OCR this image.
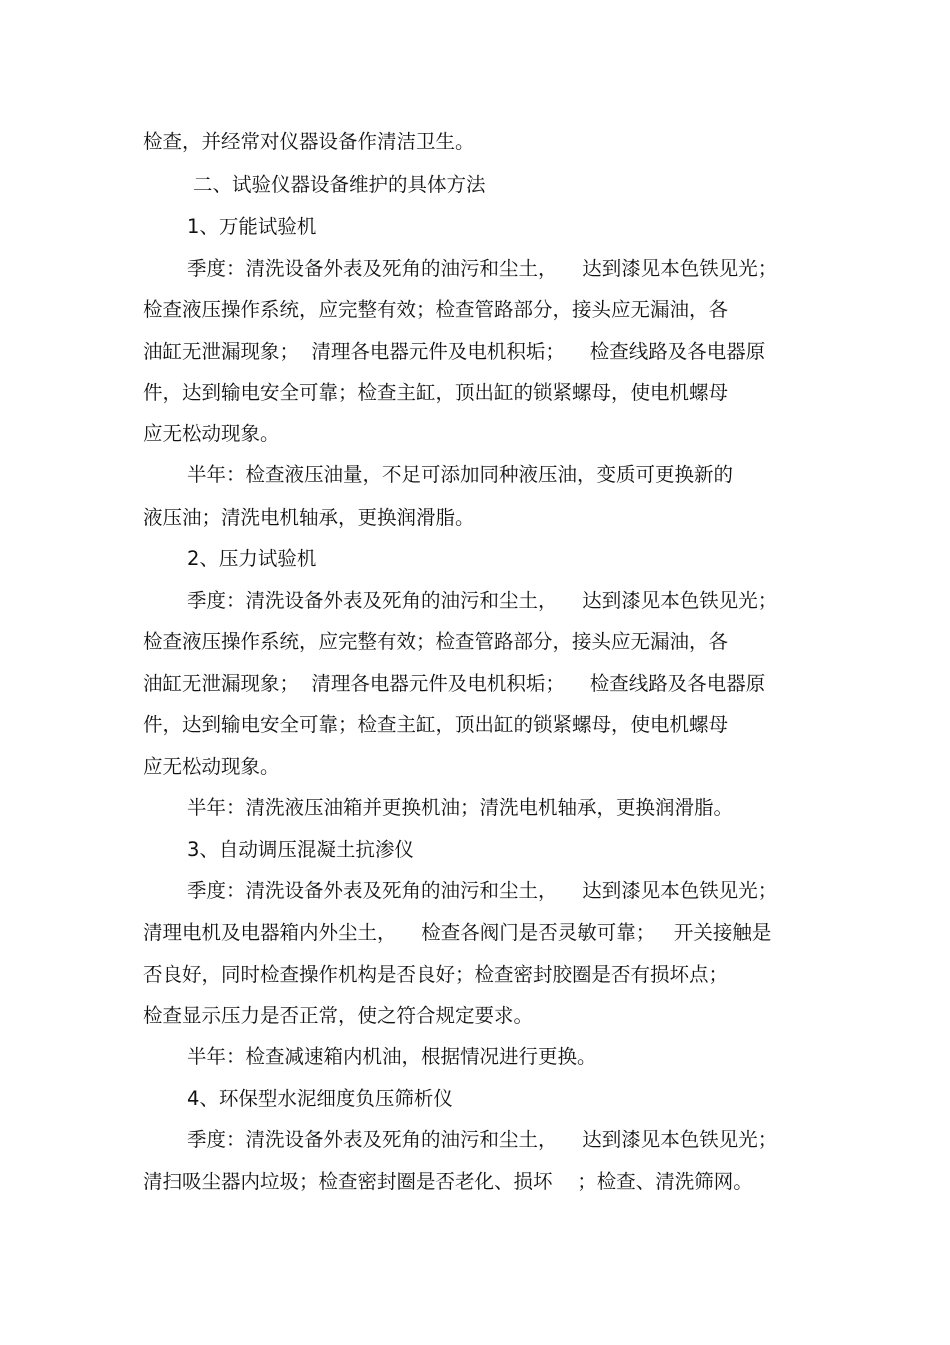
检查，并经常对仪器设备作清洁卫生。
二、试验仪器设备维护的具体方法
1、万能试验机
季度：清洗设备外表及死角的油污和尘土，    达到漆见本色铁见光；
检查液压操作系统，应完整有效；检查管路部分，接头应无漏油，各
油缸无泄漏现象；  清理各电器元件及电机积垢；    检查线路及各电器原
件，达到输电安全可靠；检查主缸，顶出缸的锁紧螺母，使电机螺母
应无松动现象。
半年：检查液压油量，不足可添加同种液压油，变质可更换新的
液压油；清洗电机轴承，更换润滑脂。
2、压力试验机
季度：清洗设备外表及死角的油污和尘土，    达到漆见本色铁见光；
检查液压操作系统，应完整有效；检查管路部分，接头应无漏油，各
油缸无泄漏现象；  清理各电器元件及电机积垢；    检查线路及各电器原
件，达到输电安全可靠；检查主缸，顶出缸的锁紧螺母，使电机螺母
应无松动现象。
半年：清洗液压油箱并更换机油；清洗电机轴承，更换润滑脂。
3、自动调压混凝土抗渗仪
季度：清洗设备外表及死角的油污和尘土，    达到漆见本色铁见光；
清理电机及电器箱内外尘土，    检查各阀门是否灵敏可靠；   开关接触是
否良好，同时检查操作机构是否良好；检查密封胶圈是否有损坏点；
检查显示压力是否正常，使之符合规定要求。
半年：检查减速箱内机油，根据情况进行更换。
4、环保型水泥细度负压筛析仪
季度：清洗设备外表及死角的油污和尘土，    达到漆见本色铁见光；
清扫吸尘器内垃圾；检查密封圈是否老化、损坏    ；检查、清洗筛网。
